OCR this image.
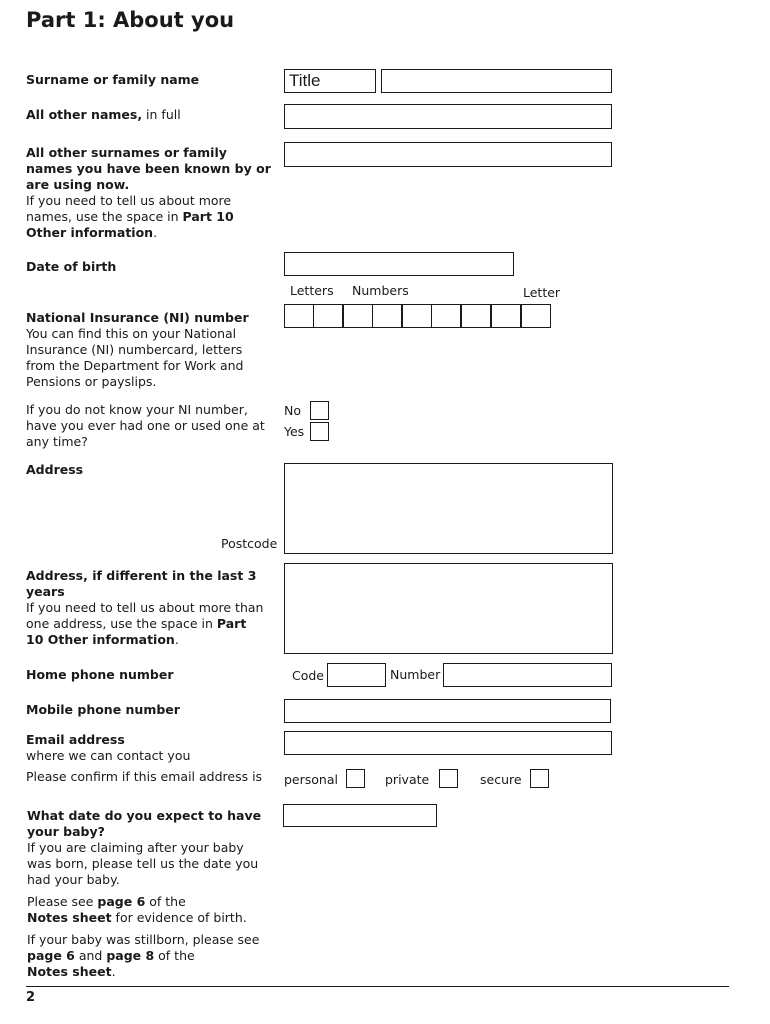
Part 1: About you
Surname or family name	Title
All other names, in full
All other surnames or family names you have been known by or are using now.
If you need to tell us about more names, use the space in Part 10 Other information.
Date of birth
Letters Numbers	Letter
National Insurance (NI) number
You can find this on your National Insurance (NI) numbercard, letters from the Department for Work and Pensions or payslips.
If you do not know your NI number, have you ever had one or used one at any time?
No
Yes
Address
Postcode
Address, if different in the last 3 years
If you need to tell us about more than one address, use the space in Part 10 Other information.
Home phone number	Code	Number
Mobile phone number
Email address
where we can contact you
Please confirm if this email address is	personal	private	secure
What date do you expect to have your baby?
If you are claiming after your baby was born, please tell us the date you had your baby.
Please see page 6 of the
Notes sheet for evidence of birth.
If your baby was stillborn, please see
page 6 and page 8 of the
Notes sheet.
2
